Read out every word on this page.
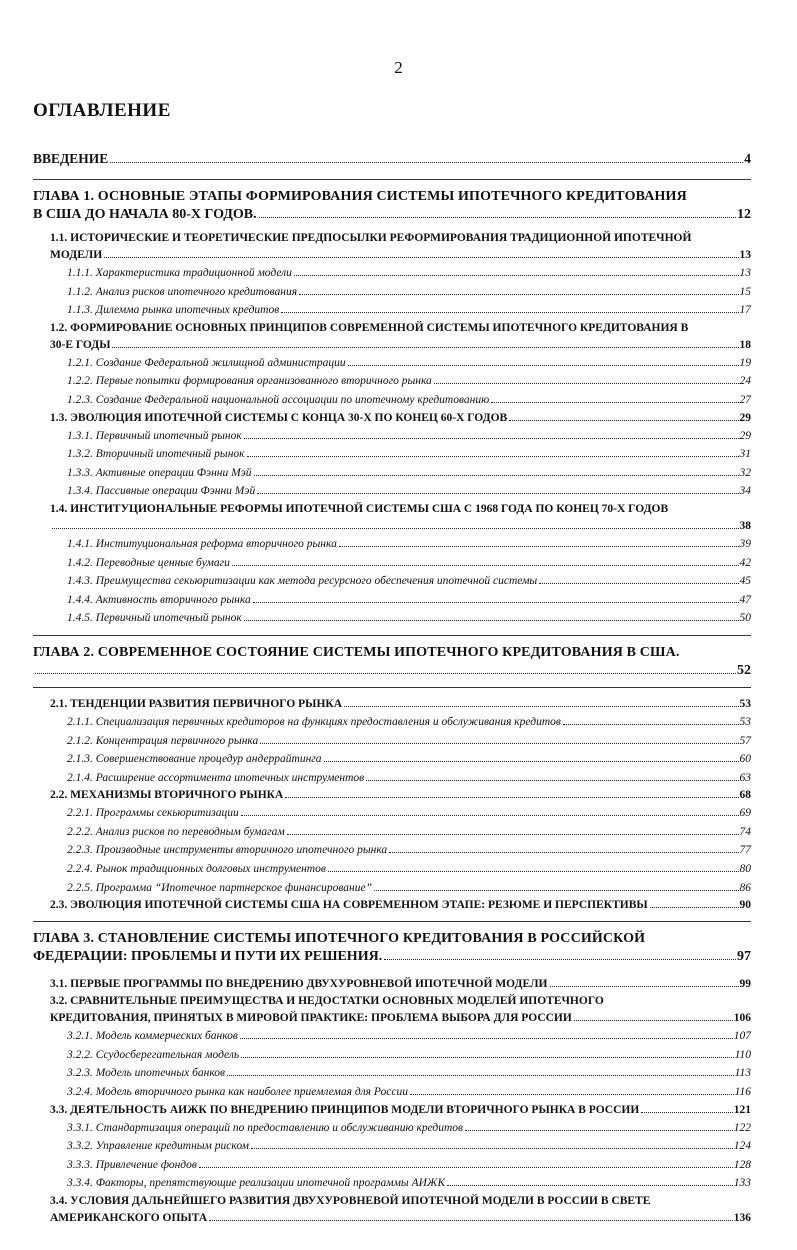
2
ОГЛАВЛЕНИЕ
ВВЕДЕНИЕ	4
ГЛАВА 1. ОСНОВНЫЕ ЭТАПЫ ФОРМИРОВАНИЯ СИСТЕМЫ ИПОТЕЧНОГО КРЕДИТОВАНИЯ
В США ДО НАЧАЛА 80-Х ГОДОВ.	12
1.1. ИСТОРИЧЕСКИЕ И ТЕОРЕТИЧЕСКИЕ ПРЕДПОСЫЛКИ РЕФОРМИРОВАНИЯ ТРАДИЦИОННОЙ ИПОТЕЧНОЙ
МОДЕЛИ	13
1.1.1. Характеристика традиционной модели	13
1.1.2. Анализ рисков ипотечного кредитования	15
1.1.3. Дилемма рынка ипотечных кредитов	17
1.2. ФОРМИРОВАНИЕ ОСНОВНЫХ ПРИНЦИПОВ СОВРЕМЕННОЙ СИСТЕМЫ ИПОТЕЧНОГО КРЕДИТОВАНИЯ В
30-Е ГОДЫ	18
1.2.1. Создание Федеральной жилищной администрации	19
1.2.2. Первые попытки формирования организованного вторичного рынка	24
1.2.3. Создание Федеральной национальной ассоциации по ипотечному кредитованию	27
1.3. ЭВОЛЮЦИЯ ИПОТЕЧНОЙ СИСТЕМЫ С КОНЦА 30-Х ПО КОНЕЦ 60-Х ГОДОВ	29
1.3.1. Первичный ипотечный рынок	29
1.3.2. Вторичный ипотечный рынок	31
1.3.3. Активные операции Фэнни Мэй	32
1.3.4. Пассивные операции Фэнни Мэй	34
1.4. ИНСТИТУЦИОНАЛЬНЫЕ РЕФОРМЫ ИПОТЕЧНОЙ СИСТЕМЫ США С 1968 ГОДА ПО КОНЕЦ 70-Х ГОДОВ
38
1.4.1. Институциональная реформа вторичного рынка	39
1.4.2. Переводные ценные бумаги	42
1.4.3. Преимущества секьюритизации как метода ресурсного обеспечения ипотечной системы	45
1.4.4. Активность вторичного рынка	47
1.4.5. Первичный ипотечный рынок	50
ГЛАВА 2. СОВРЕМЕННОЕ СОСТОЯНИЕ СИСТЕМЫ ИПОТЕЧНОГО КРЕДИТОВАНИЯ В США.
52
2.1. ТЕНДЕНЦИИ РАЗВИТИЯ ПЕРВИЧНОГО РЫНКА	53
2.1.1. Специализация первичных кредиторов на функциях предоставления и обслуживания кредитов	53
2.1.2. Концентрация первичного рынка	57
2.1.3. Совершенствование процедур андеррайтинга	60
2.1.4. Расширение ассортимента ипотечных инструментов	63
2.2. МЕХАНИЗМЫ ВТОРИЧНОГО РЫНКА	68
2.2.1. Программы секьюритизации	69
2.2.2. Анализ рисков по переводным бумагам	74
2.2.3. Производные инструменты вторичного ипотечного рынка	77
2.2.4. Рынок традиционных долговых инструментов	80
2.2.5. Программа “Ипотечное партнерское финансирование”	86
2.3. ЭВОЛЮЦИЯ ИПОТЕЧНОЙ СИСТЕМЫ США НА СОВРЕМЕННОМ ЭТАПЕ: РЕЗЮМЕ И ПЕРСПЕКТИВЫ	90
ГЛАВА 3. СТАНОВЛЕНИЕ СИСТЕМЫ ИПОТЕЧНОГО КРЕДИТОВАНИЯ В РОССИЙСКОЙ
ФЕДЕРАЦИИ: ПРОБЛЕМЫ И ПУТИ ИХ РЕШЕНИЯ.	97
3.1. ПЕРВЫЕ ПРОГРАММЫ ПО ВНЕДРЕНИЮ ДВУХУРОВНЕВОЙ ИПОТЕЧНОЙ МОДЕЛИ	99
3.2. СРАВНИТЕЛЬНЫЕ ПРЕИМУЩЕСТВА И НЕДОСТАТКИ ОСНОВНЫХ МОДЕЛЕЙ ИПОТЕЧНОГО
КРЕДИТОВАНИЯ, ПРИНЯТЫХ В МИРОВОЙ ПРАКТИКЕ: ПРОБЛЕМА ВЫБОРА ДЛЯ РОССИИ	106
3.2.1. Модель коммерческих банков	107
3.2.2. Ссудосберегательная модель	110
3.2.3. Модель ипотечных банков	113
3.2.4. Модель вторичного рынка как наиболее приемлемая для России	116
3.3. ДЕЯТЕЛЬНОСТЬ АИЖК ПО ВНЕДРЕНИЮ ПРИНЦИПОВ МОДЕЛИ ВТОРИЧНОГО РЫНКА В РОССИИ	121
3.3.1. Стандартизация операций по предоставлению и обслуживанию кредитов	122
3.3.2. Управление кредитным риском	124
3.3.3. Привлечение фондов	128
3.3.4. Факторы, препятствующие реализации ипотечной программы АИЖК	133
3.4. УСЛОВИЯ ДАЛЬНЕЙШЕГО РАЗВИТИЯ ДВУХУРОВНЕВОЙ ИПОТЕЧНОЙ МОДЕЛИ В РОССИИ В СВЕТЕ
АМЕРИКАНСКОГО ОПЫТА	136
